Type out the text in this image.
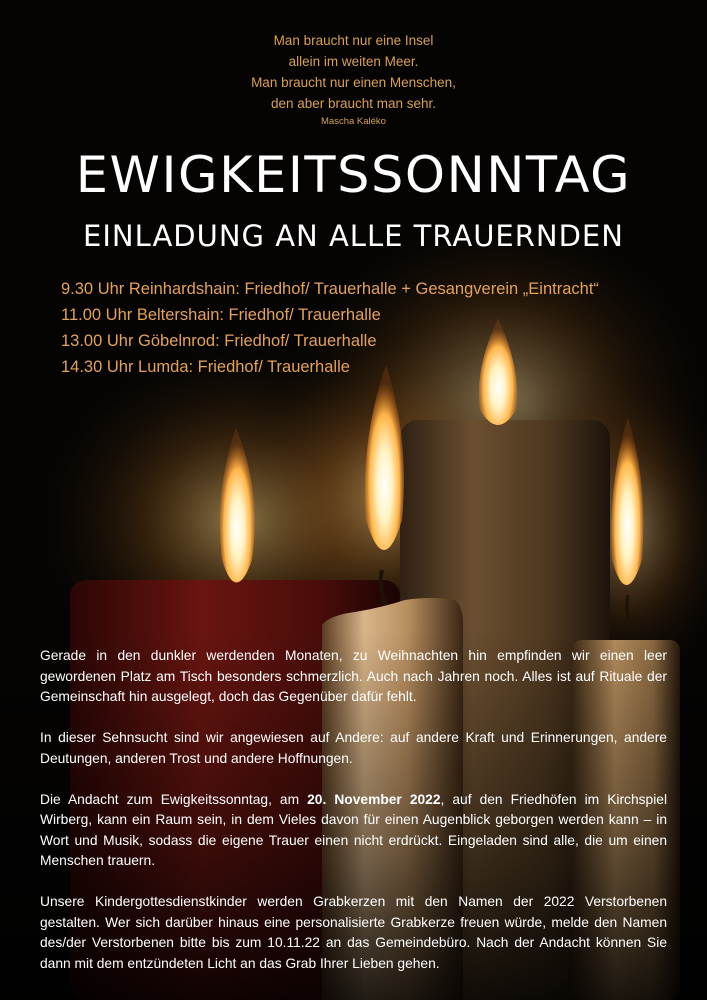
Man braucht nur eine Insel
allein im weiten Meer.
Man braucht nur einen Menschen,
den aber braucht man sehr.
Mascha Kaléko
EWIGKEITSSONNTAG
EINLADUNG AN ALLE TRAUERNDEN
9.30 Uhr Reinhardshain: Friedhof/ Trauerhalle + Gesangverein „Eintracht“
11.00 Uhr Beltershain: Friedhof/ Trauerhalle
13.00 Uhr Göbelnrod: Friedhof/ Trauerhalle
14.30 Uhr Lumda: Friedhof/ Trauerhalle

Gerade in den dunkler werdenden Monaten, zu Weihnachten hin empfinden wir einen leer gewordenen Platz am Tisch besonders schmerzlich. Auch nach Jahren noch. Alles ist auf Rituale der Gemeinschaft hin ausgelegt, doch das Gegenüber dafür fehlt.

In dieser Sehnsucht sind wir angewiesen auf Andere: auf andere Kraft und Erinnerungen, andere Deutungen, anderen Trost und andere Hoffnungen.

Die Andacht zum Ewigkeitssonntag, am 20. November 2022, auf den Friedhöfen im Kirchspiel Wirberg, kann ein Raum sein, in dem Vieles davon für einen Augenblick geborgen werden kann – in Wort und Musik, sodass die eigene Trauer einen nicht erdrückt. Eingeladen sind alle, die um einen Menschen trauern.

Unsere Kindergottesdienstkinder werden Grabkerzen mit den Namen der 2022 Verstorbenen gestalten. Wer sich darüber hinaus eine personalisierte Grabkerze freuen würde, melde den Namen des/der Verstorbenen bitte bis zum 10.11.22 an das Gemeindebüro. Nach der Andacht können Sie dann mit dem entzündeten Licht an das Grab Ihrer Lieben gehen.
